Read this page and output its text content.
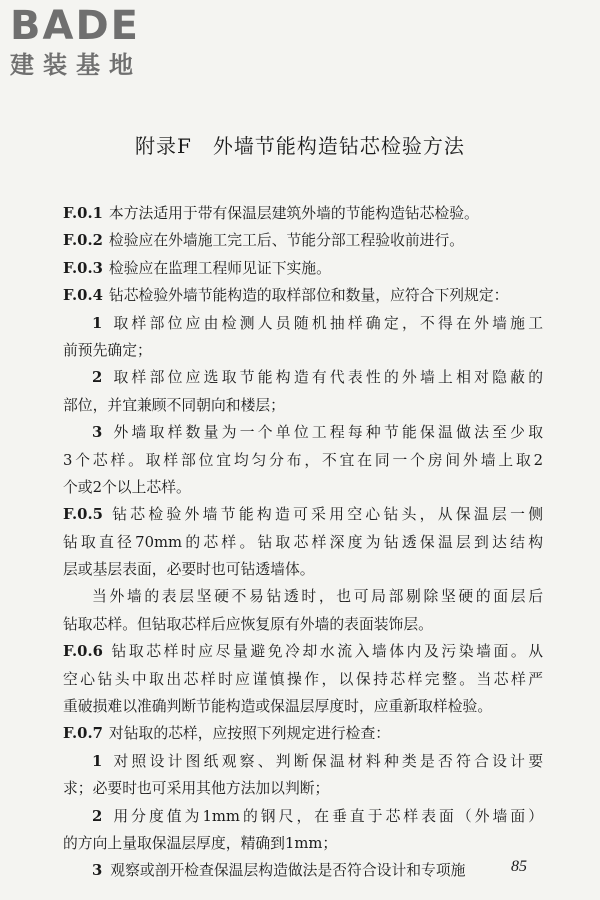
BADE
建装基地
附录F　外墙节能构造钻芯检验方法
F.0.1 本方法适用于带有保温层建筑外墙的节能构造钻芯检验。
F.0.2 检验应在外墙施工完工后、节能分部工程验收前进行。
F.0.3 检验应在监理工程师见证下实施。
F.0.4 钻芯检验外墙节能构造的取样部位和数量，应符合下列规定：
1 取样部位应由检测人员随机抽样确定，不得在外墙施工
前预先确定；
2 取样部位应选取节能构造有代表性的外墙上相对隐蔽的
部位，并宜兼顾不同朝向和楼层；
3 外墙取样数量为一个单位工程每种节能保温做法至少取
3个芯样。取样部位宜均匀分布，不宜在同一个房间外墙上取2
个或2个以上芯样。
F.0.5 钻芯检验外墙节能构造可采用空心钻头，从保温层一侧
钻取直径70mm的芯样。钻取芯样深度为钻透保温层到达结构
层或基层表面，必要时也可钻透墙体。
当外墙的表层坚硬不易钻透时，也可局部剔除坚硬的面层后
钻取芯样。但钻取芯样后应恢复原有外墙的表面装饰层。
F.0.6 钻取芯样时应尽量避免冷却水流入墙体内及污染墙面。从
空心钻头中取出芯样时应谨慎操作，以保持芯样完整。当芯样严
重破损难以准确判断节能构造或保温层厚度时，应重新取样检验。
F.0.7 对钻取的芯样，应按照下列规定进行检查：
1 对照设计图纸观察、判断保温材料种类是否符合设计要
求；必要时也可采用其他方法加以判断；
2 用分度值为1mm的钢尺，在垂直于芯样表面（外墙面）
的方向上量取保温层厚度，精确到1mm；
3 观察或剖开检查保温层构造做法是否符合设计和专项施	85
